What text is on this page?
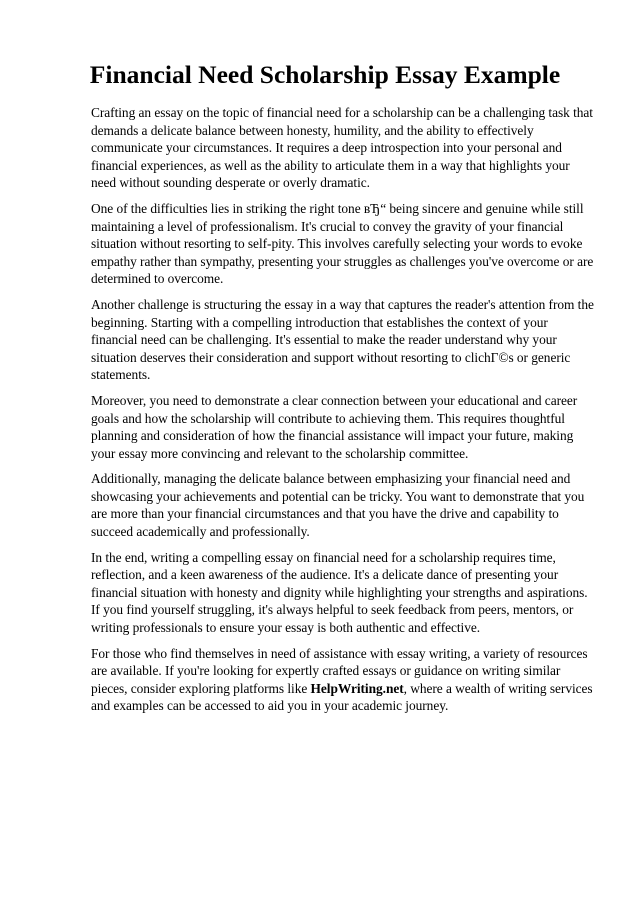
Financial Need Scholarship Essay Example

Crafting an essay on the topic of financial need for a scholarship can be a challenging task that demands a delicate balance between honesty, humility, and the ability to effectively communicate your circumstances. It requires a deep introspection into your personal and financial experiences, as well as the ability to articulate them in a way that highlights your need without sounding desperate or overly dramatic.

One of the difficulties lies in striking the right tone вЂ“ being sincere and genuine while still maintaining a level of professionalism. It's crucial to convey the gravity of your financial situation without resorting to self-pity. This involves carefully selecting your words to evoke empathy rather than sympathy, presenting your struggles as challenges you've overcome or are determined to overcome.

Another challenge is structuring the essay in a way that captures the reader's attention from the beginning. Starting with a compelling introduction that establishes the context of your financial need can be challenging. It's essential to make the reader understand why your situation deserves their consideration and support without resorting to clichГ©s or generic statements.

Moreover, you need to demonstrate a clear connection between your educational and career goals and how the scholarship will contribute to achieving them. This requires thoughtful planning and consideration of how the financial assistance will impact your future, making your essay more convincing and relevant to the scholarship committee.

Additionally, managing the delicate balance between emphasizing your financial need and showcasing your achievements and potential can be tricky. You want to demonstrate that you are more than your financial circumstances and that you have the drive and capability to succeed academically and professionally.

In the end, writing a compelling essay on financial need for a scholarship requires time, reflection, and a keen awareness of the audience. It's a delicate dance of presenting your financial situation with honesty and dignity while highlighting your strengths and aspirations. If you find yourself struggling, it's always helpful to seek feedback from peers, mentors, or writing professionals to ensure your essay is both authentic and effective.

For those who find themselves in need of assistance with essay writing, a variety of resources are available. If you're looking for expertly crafted essays or guidance on writing similar pieces, consider exploring platforms like HelpWriting.net, where a wealth of writing services and examples can be accessed to aid you in your academic journey.
